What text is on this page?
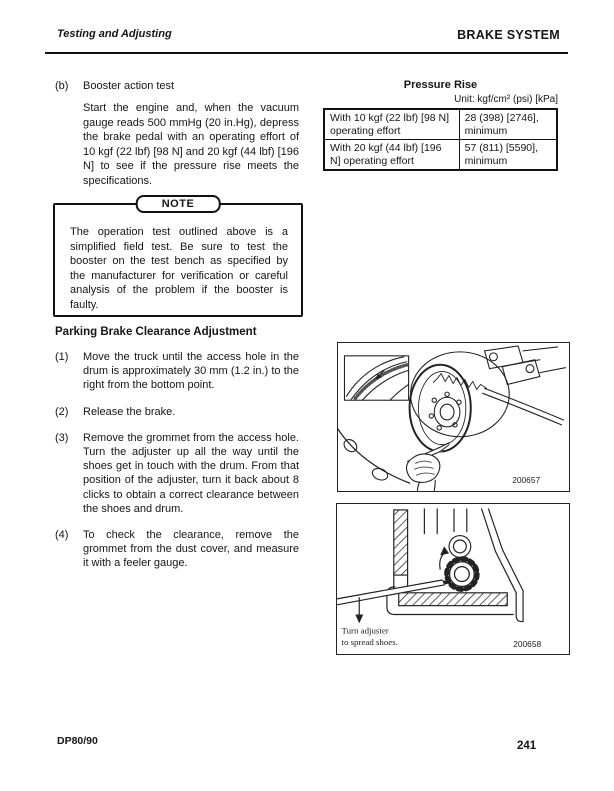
Testing and Adjusting	BRAKE SYSTEM
(b)	Booster action test

Start the engine and, when the vacuum gauge reads 500 mmHg (20 in.Hg), depress the brake pedal with an operating effort of 10 kgf (22 lbf) [98 N] and 20 kgf (44 lbf) [196 N] to see if the pressure rise meets the specifications.

Pressure Rise
Unit: kgf/cm² (psi) [kPa]
With 10 kgf (22 lbf) [98 N] operating effort	28 (398) [2746], minimum
With 20 kgf (44 lbf) [196 N] operating effort	57 (811) [5590], minimum
NOTE
The operation test outlined above is a simplified field test. Be sure to test the booster on the test bench as specified by the manufacturer for verification or careful analysis of the problem if the booster is faulty.
Parking Brake Clearance Adjustment
(1)	Move the truck until the access hole in the drum is approximately 30 mm (1.2 in.) to the right from the bottom point.
(2)	Release the brake.
(3)	Remove the grommet from the access hole. Turn the adjuster up all the way until the shoes get in touch with the drum. From that position of the adjuster, turn it back about 8 clicks to obtain a correct clearance between the shoes and drum.
(4)	To check the clearance, remove the grommet from the dust cover, and measure it with a feeler gauge.
200657
Turn adjuster
to spread shoes.	200658
DP80/90	241
